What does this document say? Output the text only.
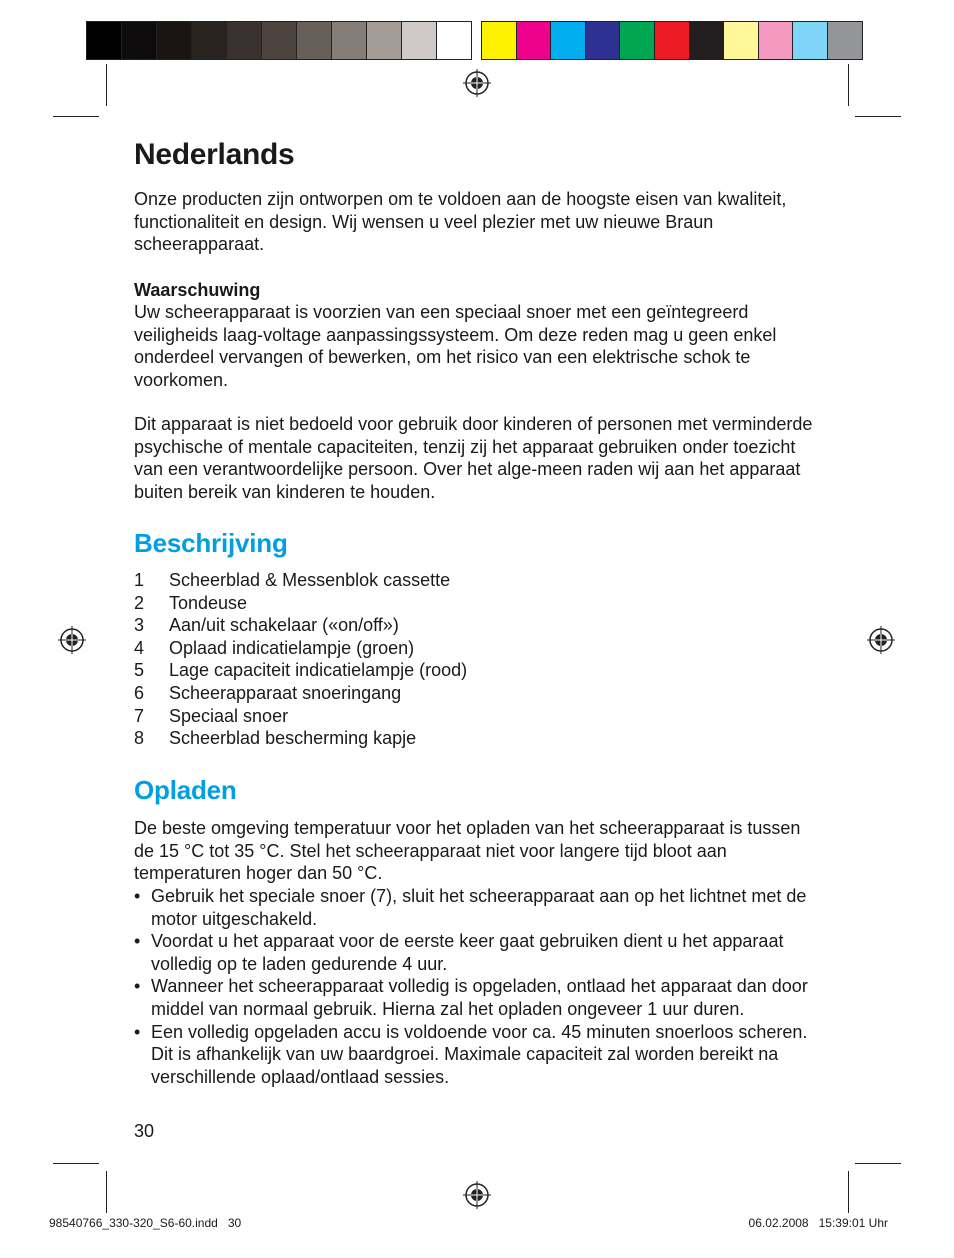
Nederlands

Onze producten zijn ontworpen om te voldoen aan de hoogste eisen van kwaliteit, functionaliteit en design. Wij wensen u veel plezier met uw nieuwe Braun scheerapparaat.

Waarschuwing

Uw scheerapparaat is voorzien van een speciaal snoer met een geïntegreerd veiligheids laag-voltage aanpassingssysteem. Om deze reden mag u geen enkel onderdeel vervangen of bewerken, om het risico van een elektrische schok te voorkomen.

Dit apparaat is niet bedoeld voor gebruik door kinderen of personen met verminderde psychische of mentale capaciteiten, tenzij zij het apparaat gebruiken onder toezicht van een verantwoordelijke persoon. Over het alge-meen raden wij aan het apparaat buiten bereik van kinderen te houden.

Beschrijving
1	Scheerblad & Messenblok cassette
2	Tondeuse
3	Aan/uit schakelaar («on/off»)
4	Oplaad indicatielampje (groen)
5	Lage capaciteit indicatielampje (rood)
6	Scheerapparaat snoeringang
7	Speciaal snoer
8	Scheerblad bescherming kapje
Opladen

De beste omgeving temperatuur voor het opladen van het scheerapparaat is tussen de 15 °C tot 35 °C. Stel het scheerapparaat niet voor langere tijd bloot aan temperaturen hoger dan 50 °C.

• Gebruik het speciale snoer (7), sluit het scheerapparaat aan op het lichtnet met de motor uitgeschakeld.
• Voordat u het apparaat voor de eerste keer gaat gebruiken dient u het apparaat volledig op te laden gedurende 4 uur.
• Wanneer het scheerapparaat volledig is opgeladen, ontlaad het apparaat dan door middel van normaal gebruik. Hierna zal het opladen ongeveer 1 uur duren.
• Een volledig opgeladen accu is voldoende voor ca. 45 minuten snoerloos scheren. Dit is afhankelijk van uw baardgroei. Maximale capaciteit zal worden bereikt na verschillende oplaad/ontlaad sessies.
30
98540766_330-320_S6-60.indd   30	06.02.2008   15:39:01 Uhr
